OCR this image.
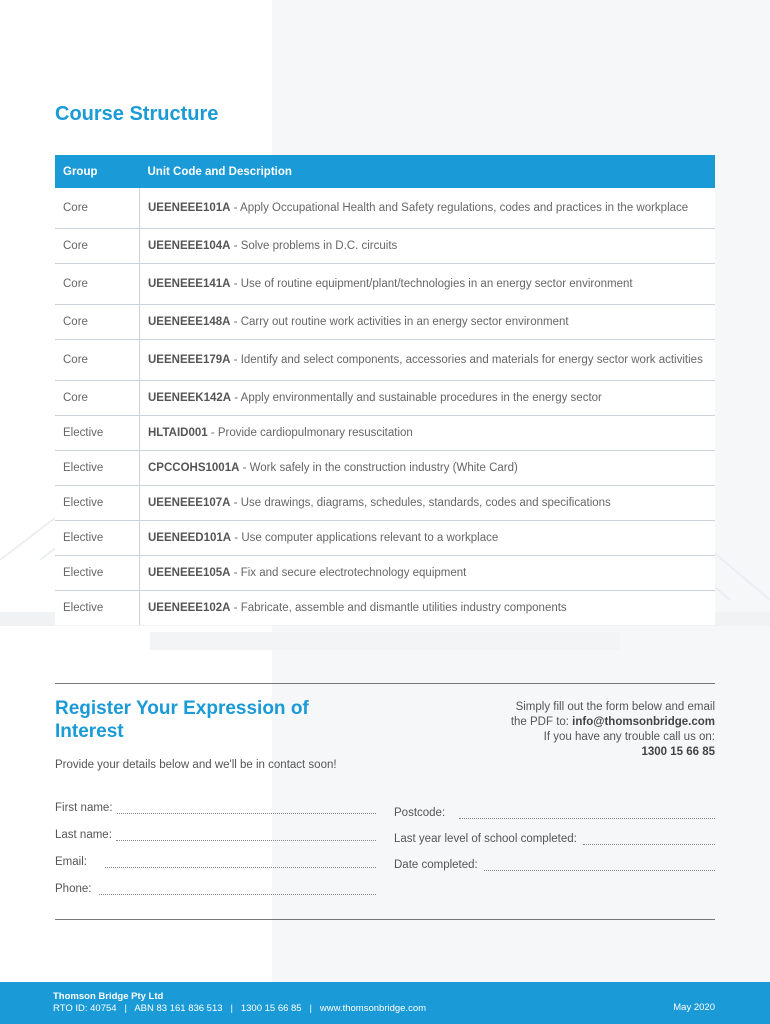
Course Structure
Group	Unit Code and Description
Core	UEENEEE101A - Apply Occupational Health and Safety regulations, codes and practices in the workplace
Core	UEENEEE104A - Solve problems in D.C. circuits
Core	UEENEEE141A - Use of routine equipment/plant/technologies in an energy sector environment
Core	UEENEEE148A - Carry out routine work activities in an energy sector environment
Core	UEENEEE179A - Identify and select components, accessories and materials for energy sector work activities
Core	UEENEEK142A - Apply environmentally and sustainable procedures in the energy sector
Elective	HLTAID001 - Provide cardiopulmonary resuscitation
Elective	CPCCOHS1001A - Work safely in the construction industry (White Card)
Elective	UEENEEE107A - Use drawings, diagrams, schedules, standards, codes and specifications
Elective	UEENEED101A - Use computer applications relevant to a workplace
Elective	UEENEEE105A - Fix and secure electrotechnology equipment
Elective	UEENEEE102A - Fabricate, assemble and dismantle utilities industry components
Register Your Expression of Interest
Simply fill out the form below and email
the PDF to: info@thomsonbridge.com
If you have any trouble call us on:
1300 15 66 85
Provide your details below and we'll be in contact soon!
First name:
Last name:
Email:
Phone:
Postcode:
Last year level of school completed:
Date completed:
Thomson Bridge Pty Ltd
RTO ID: 40754   |   ABN 83 161 836 513   |   1300 15 66 85   |   www.thomsonbridge.com	May 2020
